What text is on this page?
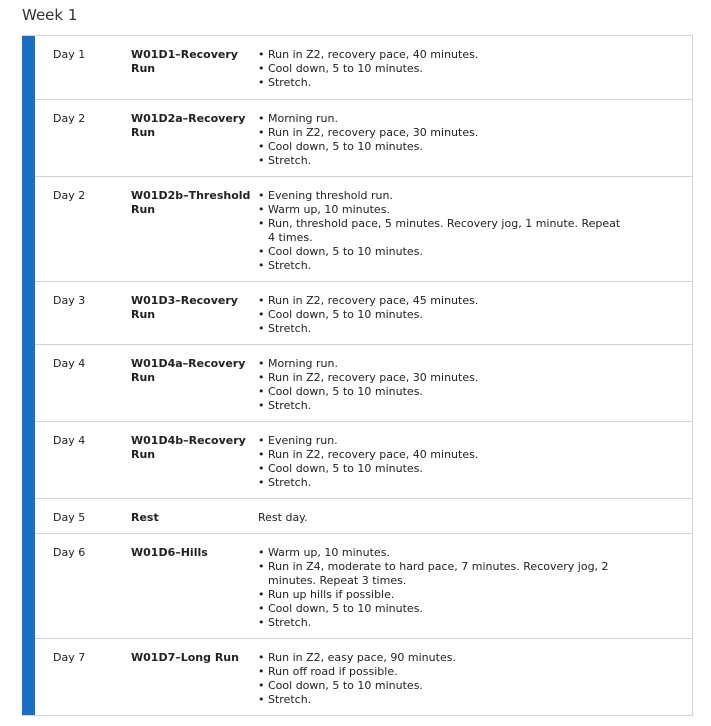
Week 1
Day 1	W01D1–Recovery Run
• Run in Z2, recovery pace, 40 minutes.
• Cool down, 5 to 10 minutes.
• Stretch.
Day 2	W01D2a–Recovery Run
• Morning run.
• Run in Z2, recovery pace, 30 minutes.
• Cool down, 5 to 10 minutes.
• Stretch.
Day 2	W01D2b–Threshold Run
• Evening threshold run.
• Warm up, 10 minutes.
• Run, threshold pace, 5 minutes. Recovery jog, 1 minute. Repeat 4 times.
• Cool down, 5 to 10 minutes.
• Stretch.
Day 3	W01D3–Recovery Run
• Run in Z2, recovery pace, 45 minutes.
• Cool down, 5 to 10 minutes.
• Stretch.
Day 4	W01D4a–Recovery Run
• Morning run.
• Run in Z2, recovery pace, 30 minutes.
• Cool down, 5 to 10 minutes.
• Stretch.
Day 4	W01D4b–Recovery Run
• Evening run.
• Run in Z2, recovery pace, 40 minutes.
• Cool down, 5 to 10 minutes.
• Stretch.
Day 5	Rest	Rest day.
Day 6	W01D6–Hills	• Warm up, 10 minutes.
• Run in Z4, moderate to hard pace, 7 minutes. Recovery jog, 2 minutes. Repeat 3 times.
• Run up hills if possible.
• Cool down, 5 to 10 minutes.
• Stretch.
Day 7	W01D7–Long Run	• Run in Z2, easy pace, 90 minutes.
• Run off road if possible.
• Cool down, 5 to 10 minutes.
• Stretch.
